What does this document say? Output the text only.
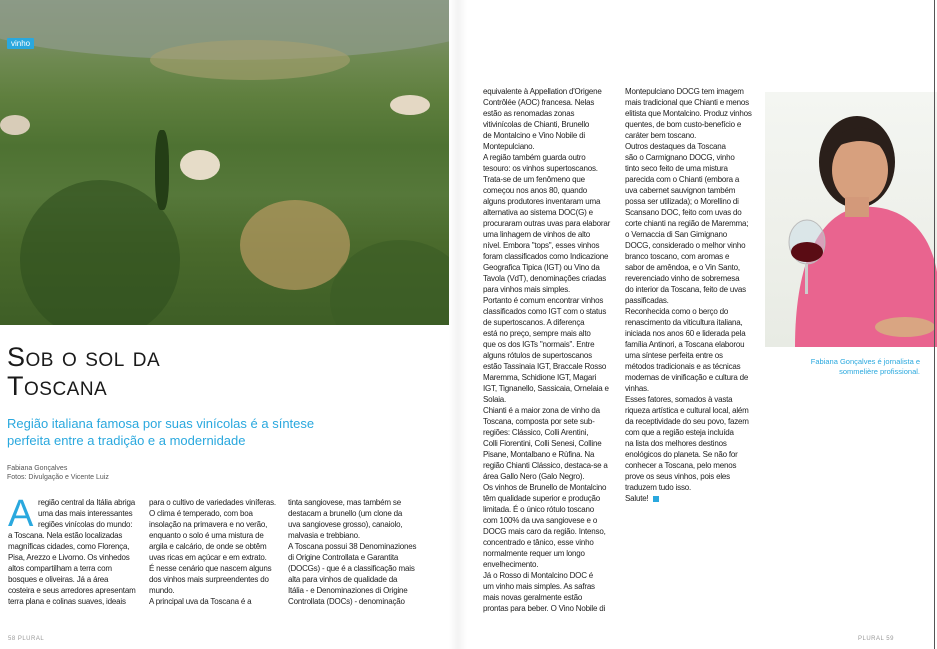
vinho
Sob o sol da
Toscana
Região italiana famosa por suas vinícolas é a síntese perfeita entre a tradição e a modernidade
Fabiana Gonçalves
Fotos: Divulgação e Vicente Luiz
A região central da Itália abriga
uma das mais interessantes
regiões vinícolas do mundo:
a Toscana. Nela estão localizadas
magníficas cidades, como Florença,
Pisa, Arezzo e Livorno. Os vinhedos
altos compartilham a terra com
bosques e oliveiras. Já a área
costeira e seus arredores apresentam
terra plana e colinas suaves, ideais
para o cultivo de variedades viníferas.
O clima é temperado, com boa
insolação na primavera e no verão,
enquanto o solo é uma mistura de
argila e calcário, de onde se obtêm
uvas ricas em açúcar e em extrato.
É nesse cenário que nascem alguns
dos vinhos mais surpreendentes do
mundo.
A principal uva da Toscana é a
tinta sangiovese, mas também se
destacam a brunello (um clone da
uva sangiovese grosso), canaiolo,
malvasia e trebbiano.
A Toscana possui 38 Denominaziones
di Origine Controllata e Garantita
(DOCGs) - que é a classificação mais
alta para vinhos de qualidade da
Itália - e Denominaziones di Origine
Controllata (DOCs) - denominação
equivalente à Appellation d'Origene
Contrôlée (AOC) francesa. Nelas
estão as renomadas zonas
vitivinícolas de Chianti, Brunello
de Montalcino e Vino Nobile di
Montepulciano.
A região também guarda outro
tesouro: os vinhos supertoscanos.
Trata-se de um fenômeno que
começou nos anos 80, quando
alguns produtores inventaram uma
alternativa ao sistema DOC(G) e
procuraram outras uvas para elaborar
uma linhagem de vinhos de alto
nível. Embora "tops", esses vinhos
foram classificados como Indicazione
Geografica Tipica (IGT) ou Vino da
Tavola (VdT), denominações criadas
para vinhos mais simples.
Portanto é comum encontrar vinhos
classificados como IGT com o status
de supertoscanos. A diferença
está no preço, sempre mais alto
que os dos IGTs "normais". Entre
alguns rótulos de supertoscanos
estão Tassinaia IGT, Braccale Rosso
Maremma, Schidione IGT, Magari
IGT, Tignanello, Sassicaia, Ornelaia e
Solaia.
Chianti é a maior zona de vinho da
Toscana, composta por sete sub-
regiões: Clássico, Colli Arentini,
Colli Fiorentini, Colli Senesi, Colline
Pisane, Montalbano e Rùfina. Na
região Chianti Clássico, destaca-se a
área Gallo Nero (Galo Negro).
Os vinhos de Brunello de Montalcino
têm qualidade superior e produção
limitada. É o único rótulo toscano
com 100% da uva sangiovese e o
DOCG mais caro da região. Intenso,
concentrado e tânico, esse vinho
normalmente requer um longo
envelhecimento.
Já o Rosso di Montalcino DOC é
um vinho mais simples. As safras
mais novas geralmente estão
prontas para beber. O Vino Nobile di
Montepulciano DOCG tem imagem
mais tradicional que Chianti e menos
elitista que Montalcino. Produz vinhos
quentes, de bom custo-benefício e
caráter bem toscano.
Outros destaques da Toscana
são o Carmignano DOCG, vinho
tinto seco feito de uma mistura
parecida com o Chianti (embora a
uva cabernet sauvignon também
possa ser utilizada); o Morellino di
Scansano DOC, feito com uvas do
corte chianti na região de Maremma;
o Vernaccia di San Gimignano
DOCG, considerado o melhor vinho
branco toscano, com aromas e
sabor de amêndoa, e o Vin Santo,
reverenciado vinho de sobremesa
do interior da Toscana, feito de uvas
passificadas.
Reconhecida como o berço do
renascimento da viticultura italiana,
iniciada nos anos 60 e liderada pela
família Antinori, a Toscana elaborou
uma síntese perfeita entre os
métodos tradicionais e as técnicas
modernas de vinificação e cultura de
vinhas.
Esses fatores, somados à vasta
riqueza artística e cultural local, além
da receptividade do seu povo, fazem
com que a região esteja incluída
na lista dos melhores destinos
enológicos do planeta. Se não for
conhecer a Toscana, pelo menos
prove os seus vinhos, pois eles
traduzem tudo isso.
Salute!
Fabiana Gonçalves é jornalista e sommelière profissional.
58 PLURAL	PLURAL 59
